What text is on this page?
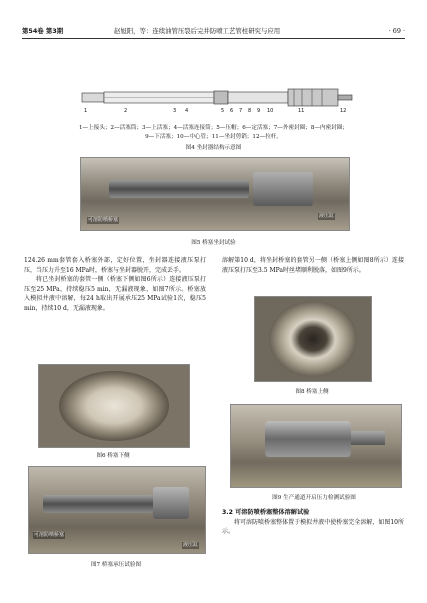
第54卷 第3期	赵旭阳，等：连续油管压裂后完井防喷工艺管柱研究与应用	· 69 ·
1	2	3 4	5 6 7 8 9 10	11	12
1—上接头；2—活塞筒；3—上活塞；4—活塞连接筒；5—压帽；6—定活塞；7—外密封圈；8—内密封圈；
9—下活塞；10—中心管；11—坐封剪销；12—拉杆。
图4 坐封器结构示意图
可溶防喷桥塞
液压缸
图5 桥塞坐封试验

124.26 mm套管套入桥塞外部，定好位置，坐封器连接液压泵打压，当压力升至16 MPa时，桥塞与坐封器脱开，完成丢手。

将已坐封桥塞的套管一侧（桥塞下侧如图6所示）连接液压泵打压至25 MPa，持续稳压5 min，无漏液现象，如图7所示。桥塞放入模拟井液中溶解，每24 h取出开展承压25 MPa试验1次，稳压5 min，持续10 d，无漏液现象。

图6 桥塞下侧
可溶防喷桥塞
液压缸
图7 桥塞承压试验图

溶解第10 d，将坐封桥塞的套管另一侧（桥塞上侧如图8所示）连接液压泵打压至3.5 MPa时丝堵顺利脱落，如图9所示。

图8 桥塞上侧
图9 生产通道开启压力检测试验图

3.2 可溶防喷桥塞整体溶解试验

将可溶防喷桥塞整体置于模拟井液中使桥塞完全溶解，如图10所示。
